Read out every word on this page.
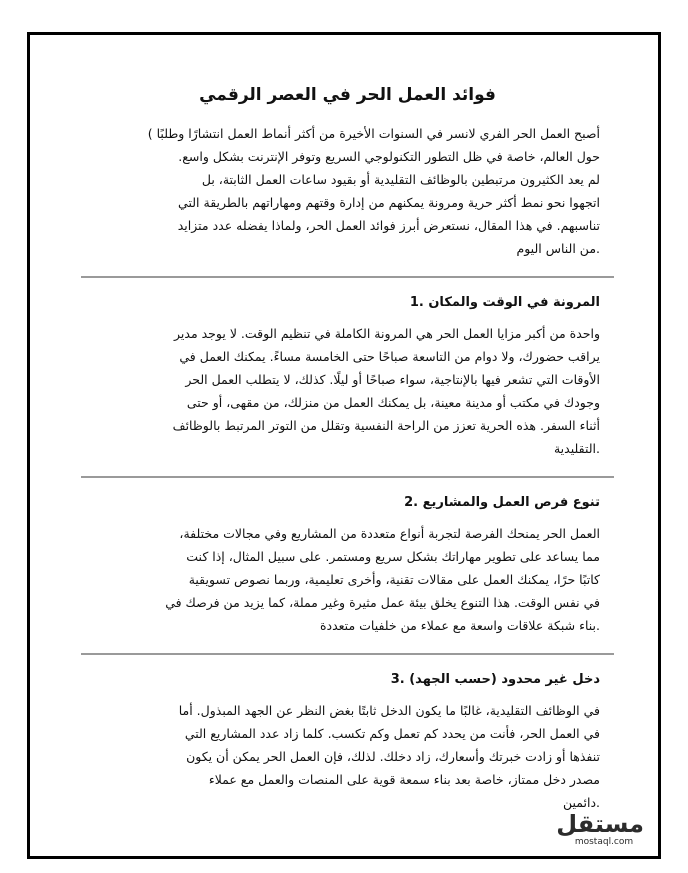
فوائد العمل الحر في العصر الرقمي
أصبح العمل الحر الفري لانسر في السنوات الأخيرة من أكثر أنماط العمل انتشارًا وطلبًا )
حول العالم، خاصة في ظل التطور التكنولوجي السريع وتوفر الإنترنت بشكل واسع.
لم يعد الكثيرون مرتبطين بالوظائف التقليدية أو بقيود ساعات العمل الثابتة، بل
اتجهوا نحو نمط أكثر حرية ومرونة يمكنهم من إدارة وقتهم ومهاراتهم بالطريقة التي
تناسبهم. في هذا المقال، نستعرض أبرز فوائد العمل الحر، ولماذا يفضله عدد متزايد
.من الناس اليوم
المرونة في الوقت والمكان .1
واحدة من أكبر مزايا العمل الحر هي المرونة الكاملة في تنظيم الوقت. لا يوجد مدير
يراقب حضورك، ولا دوام من التاسعة صباحًا حتى الخامسة مساءً. يمكنك العمل في
الأوقات التي تشعر فيها بالإنتاجية، سواء صباحًا أو ليلًا. كذلك، لا يتطلب العمل الحر
وجودك في مكتب أو مدينة معينة، بل يمكنك العمل من منزلك، من مقهى، أو حتى
أثناء السفر. هذه الحرية تعزز من الراحة النفسية وتقلل من التوتر المرتبط بالوظائف
.التقليدية
تنوع فرص العمل والمشاريع .2
العمل الحر يمنحك الفرصة لتجربة أنواع متعددة من المشاريع وفي مجالات مختلفة،
مما يساعد على تطوير مهاراتك بشكل سريع ومستمر. على سبيل المثال، إذا كنت
كاتبًا حرًا، يمكنك العمل على مقالات تقنية، وأخرى تعليمية، وربما نصوص تسويقية
في نفس الوقت. هذا التنوع يخلق بيئة عمل مثيرة وغير مملة، كما يزيد من فرصك في
.بناء شبكة علاقات واسعة مع عملاء من خلفيات متعددة
دخل غير محدود (حسب الجهد) .3
في الوظائف التقليدية، غالبًا ما يكون الدخل ثابتًا بغض النظر عن الجهد المبذول. أما
في العمل الحر، فأنت من يحدد كم تعمل وكم تكسب. كلما زاد عدد المشاريع التي
تنفذها أو زادت خبرتك وأسعارك، زاد دخلك. لذلك، فإن العمل الحر يمكن أن يكون
مصدر دخل ممتاز، خاصة بعد بناء سمعة قوية على المنصات والعمل مع عملاء
.دائمين
مستقل
mostaql.com
